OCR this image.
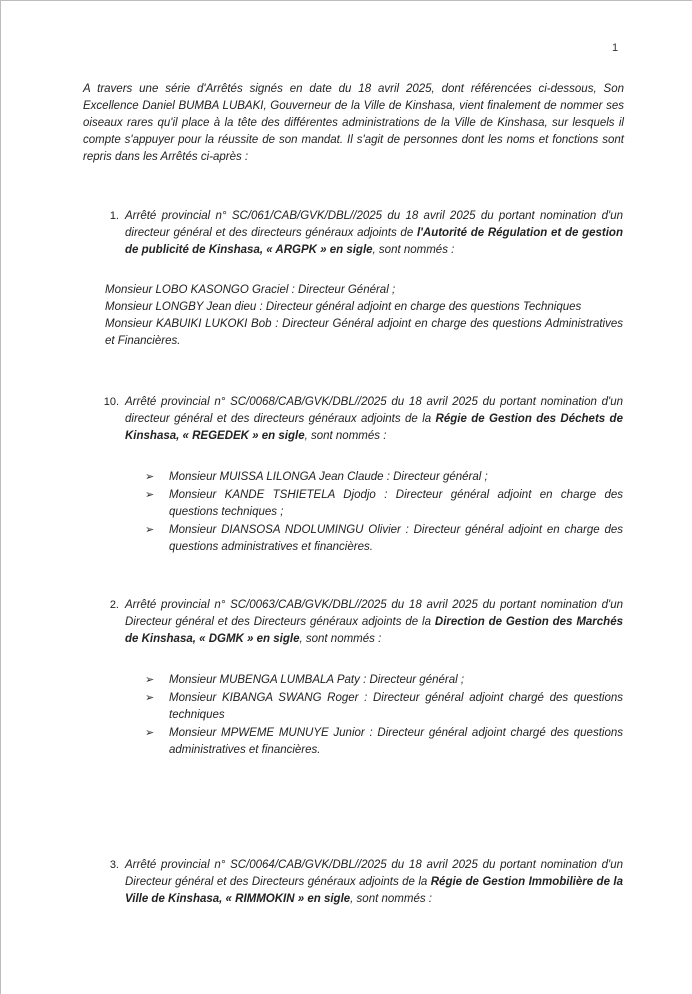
1

A travers une série d'Arrêtés signés en date du 18 avril 2025, dont référencées ci-dessous, Son Excellence Daniel BUMBA LUBAKI, Gouverneur de la Ville de Kinshasa, vient finalement de nommer ses oiseaux rares qu'il place à la tête des différentes administrations de la Ville de Kinshasa, sur lesquels il compte s'appuyer pour la réussite de son mandat. Il s'agit de personnes dont les noms et fonctions sont repris dans les Arrêtés ci-après :

1. Arrêté provincial n° SC/061/CAB/GVK/DBL//2025 du 18 avril 2025 du portant nomination d'un directeur général et des directeurs généraux adjoints de l'Autorité de Régulation et de gestion de publicité de Kinshasa, « ARGPK » en sigle, sont nommés :

Monsieur LOBO KASONGO Graciel : Directeur Général ;

Monsieur LONGBY Jean dieu : Directeur général adjoint en charge des questions Techniques

Monsieur KABUIKI LUKOKI Bob : Directeur Général adjoint en charge des questions Administratives et Financières.

10. Arrêté provincial n° SC/0068/CAB/GVK/DBL//2025 du 18 avril 2025 du portant nomination d'un directeur général et des directeurs généraux adjoints de la Régie de Gestion des Déchets de Kinshasa, « REGEDEK » en sigle, sont nommés :
➢	Monsieur MUISSA LILONGA Jean Claude : Directeur général ;
➢	Monsieur KANDE TSHIETELA Djodjo : Directeur général adjoint en charge des questions techniques ;
➢	Monsieur DIANSOSA NDOLUMINGU Olivier : Directeur général adjoint en charge des questions administratives et financières.
2. Arrêté provincial n° SC/0063/CAB/GVK/DBL//2025 du 18 avril 2025 du portant nomination d'un Directeur général et des Directeurs généraux adjoints de la Direction de Gestion des Marchés de Kinshasa, « DGMK » en sigle, sont nommés :
➢	Monsieur MUBENGA LUMBALA Paty : Directeur général ;
➢	Monsieur KIBANGA SWANG Roger : Directeur général adjoint chargé des questions techniques
➢	Monsieur MPWEME MUNUYE Junior : Directeur général adjoint chargé des questions administratives et financières.
3. Arrêté provincial n° SC/0064/CAB/GVK/DBL//2025 du 18 avril 2025 du portant nomination d'un Directeur général et des Directeurs généraux adjoints de la Régie de Gestion Immobilière de la Ville de Kinshasa, « RIMMOKIN » en sigle, sont nommés :
